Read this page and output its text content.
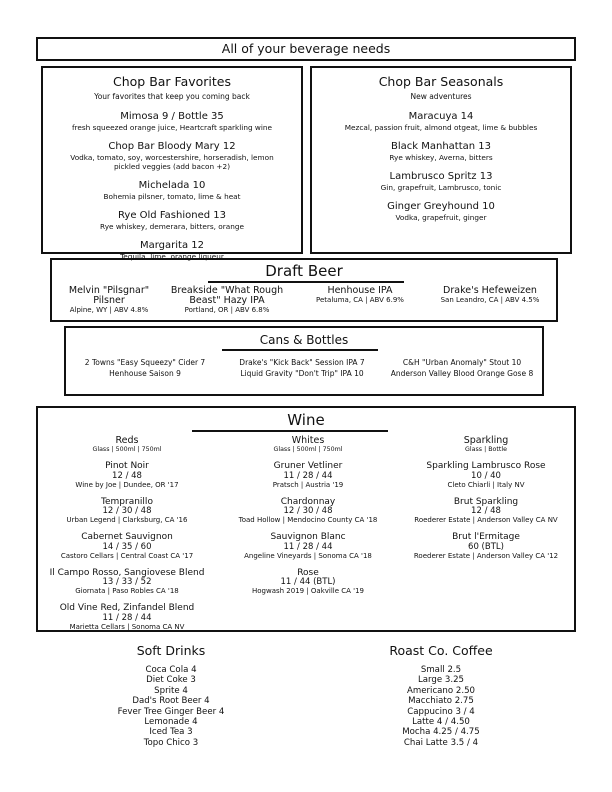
All of your beverage needs
Chop Bar Favorites
Your favorites that keep you coming back
Mimosa 9 / Bottle 35
fresh squeezed orange juice, Heartcraft sparkling wine
Chop Bar Bloody Mary 12
Vodka, tomato, soy, worcestershire, horseradish, lemon
pickled veggies (add bacon +2)
Michelada 10
Bohemia pilsner, tomato, lime & heat
Rye Old Fashioned 13
Rye whiskey, demerara, bitters, orange
Margarita 12
Tequila, lime, orange liqueur
Chop Bar Seasonals
New adventures
Maracuya 14
Mezcal, passion fruit, almond otgeat, lime & bubbles
Black Manhattan 13
Rye whiskey, Averna, bitters
Lambrusco Spritz 13
Gin, grapefruit, Lambrusco, tonic
Ginger Greyhound 10
Vodka, grapefruit, ginger
Draft Beer
Melvin "Pilsgnar"
Pilsner
Alpine, WY | ABV 4.8%
Breakside "What Rough
Beast" Hazy IPA
Portland, OR | ABV 6.8%
Henhouse IPA
Petaluma, CA | ABV 6.9%
Drake's Hefeweizen
San Leandro, CA | ABV 4.5%
Cans & Bottles
2 Towns "Easy Squeezy" Cider 7
Henhouse Saison 9
Drake's "Kick Back" Session IPA 7
Liquid Gravity "Don't Trip" IPA 10
C&H "Urban Anomaly" Stout 10
Anderson Valley Blood Orange Gose 8
Wine
Reds
Glass | 500ml | 750ml
Pinot Noir
12 / 48
Wine by Joe | Dundee, OR '17
Tempranillo
12 / 30 / 48
Urban Legend | Clarksburg, CA '16
Cabernet Sauvignon
14 / 35 / 60
Castoro Cellars | Central Coast CA '17
Il Campo Rosso, Sangiovese Blend
13 / 33 / 52
Giornata | Paso Robles CA '18
Old Vine Red, Zinfandel Blend
11 / 28 / 44
Marietta Cellars | Sonoma CA NV
Whites
Glass | 500ml | 750ml
Gruner Vetliner
11 / 28 / 44
Pratsch | Austria '19
Chardonnay
12 / 30 / 48
Toad Hollow | Mendocino County CA '18
Sauvignon Blanc
11 / 28 / 44
Angeline Vineyards | Sonoma CA '18
Rose
11 / 44 (BTL)
Hogwash 2019 | Oakville CA '19
Sparkling
Glass | Bottle
Sparkling Lambrusco Rose
10 / 40
Cleto Chiarli | Italy NV
Brut Sparkling
12 / 48
Roederer Estate | Anderson Valley CA NV
Brut l'Ermitage
60 (BTL)
Roederer Estate | Anderson Valley CA '12
Soft Drinks
Coca Cola 4
Diet Coke 3
Sprite 4
Dad's Root Beer 4
Fever Tree Ginger Beer 4
Lemonade 4
Iced Tea 3
Topo Chico 3
Roast Co. Coffee
Small 2.5
Large 3.25
Americano 2.50
Macchiato 2.75
Cappucino 3 / 4
Latte 4 / 4.50
Mocha 4.25 / 4.75
Chai Latte 3.5 / 4
